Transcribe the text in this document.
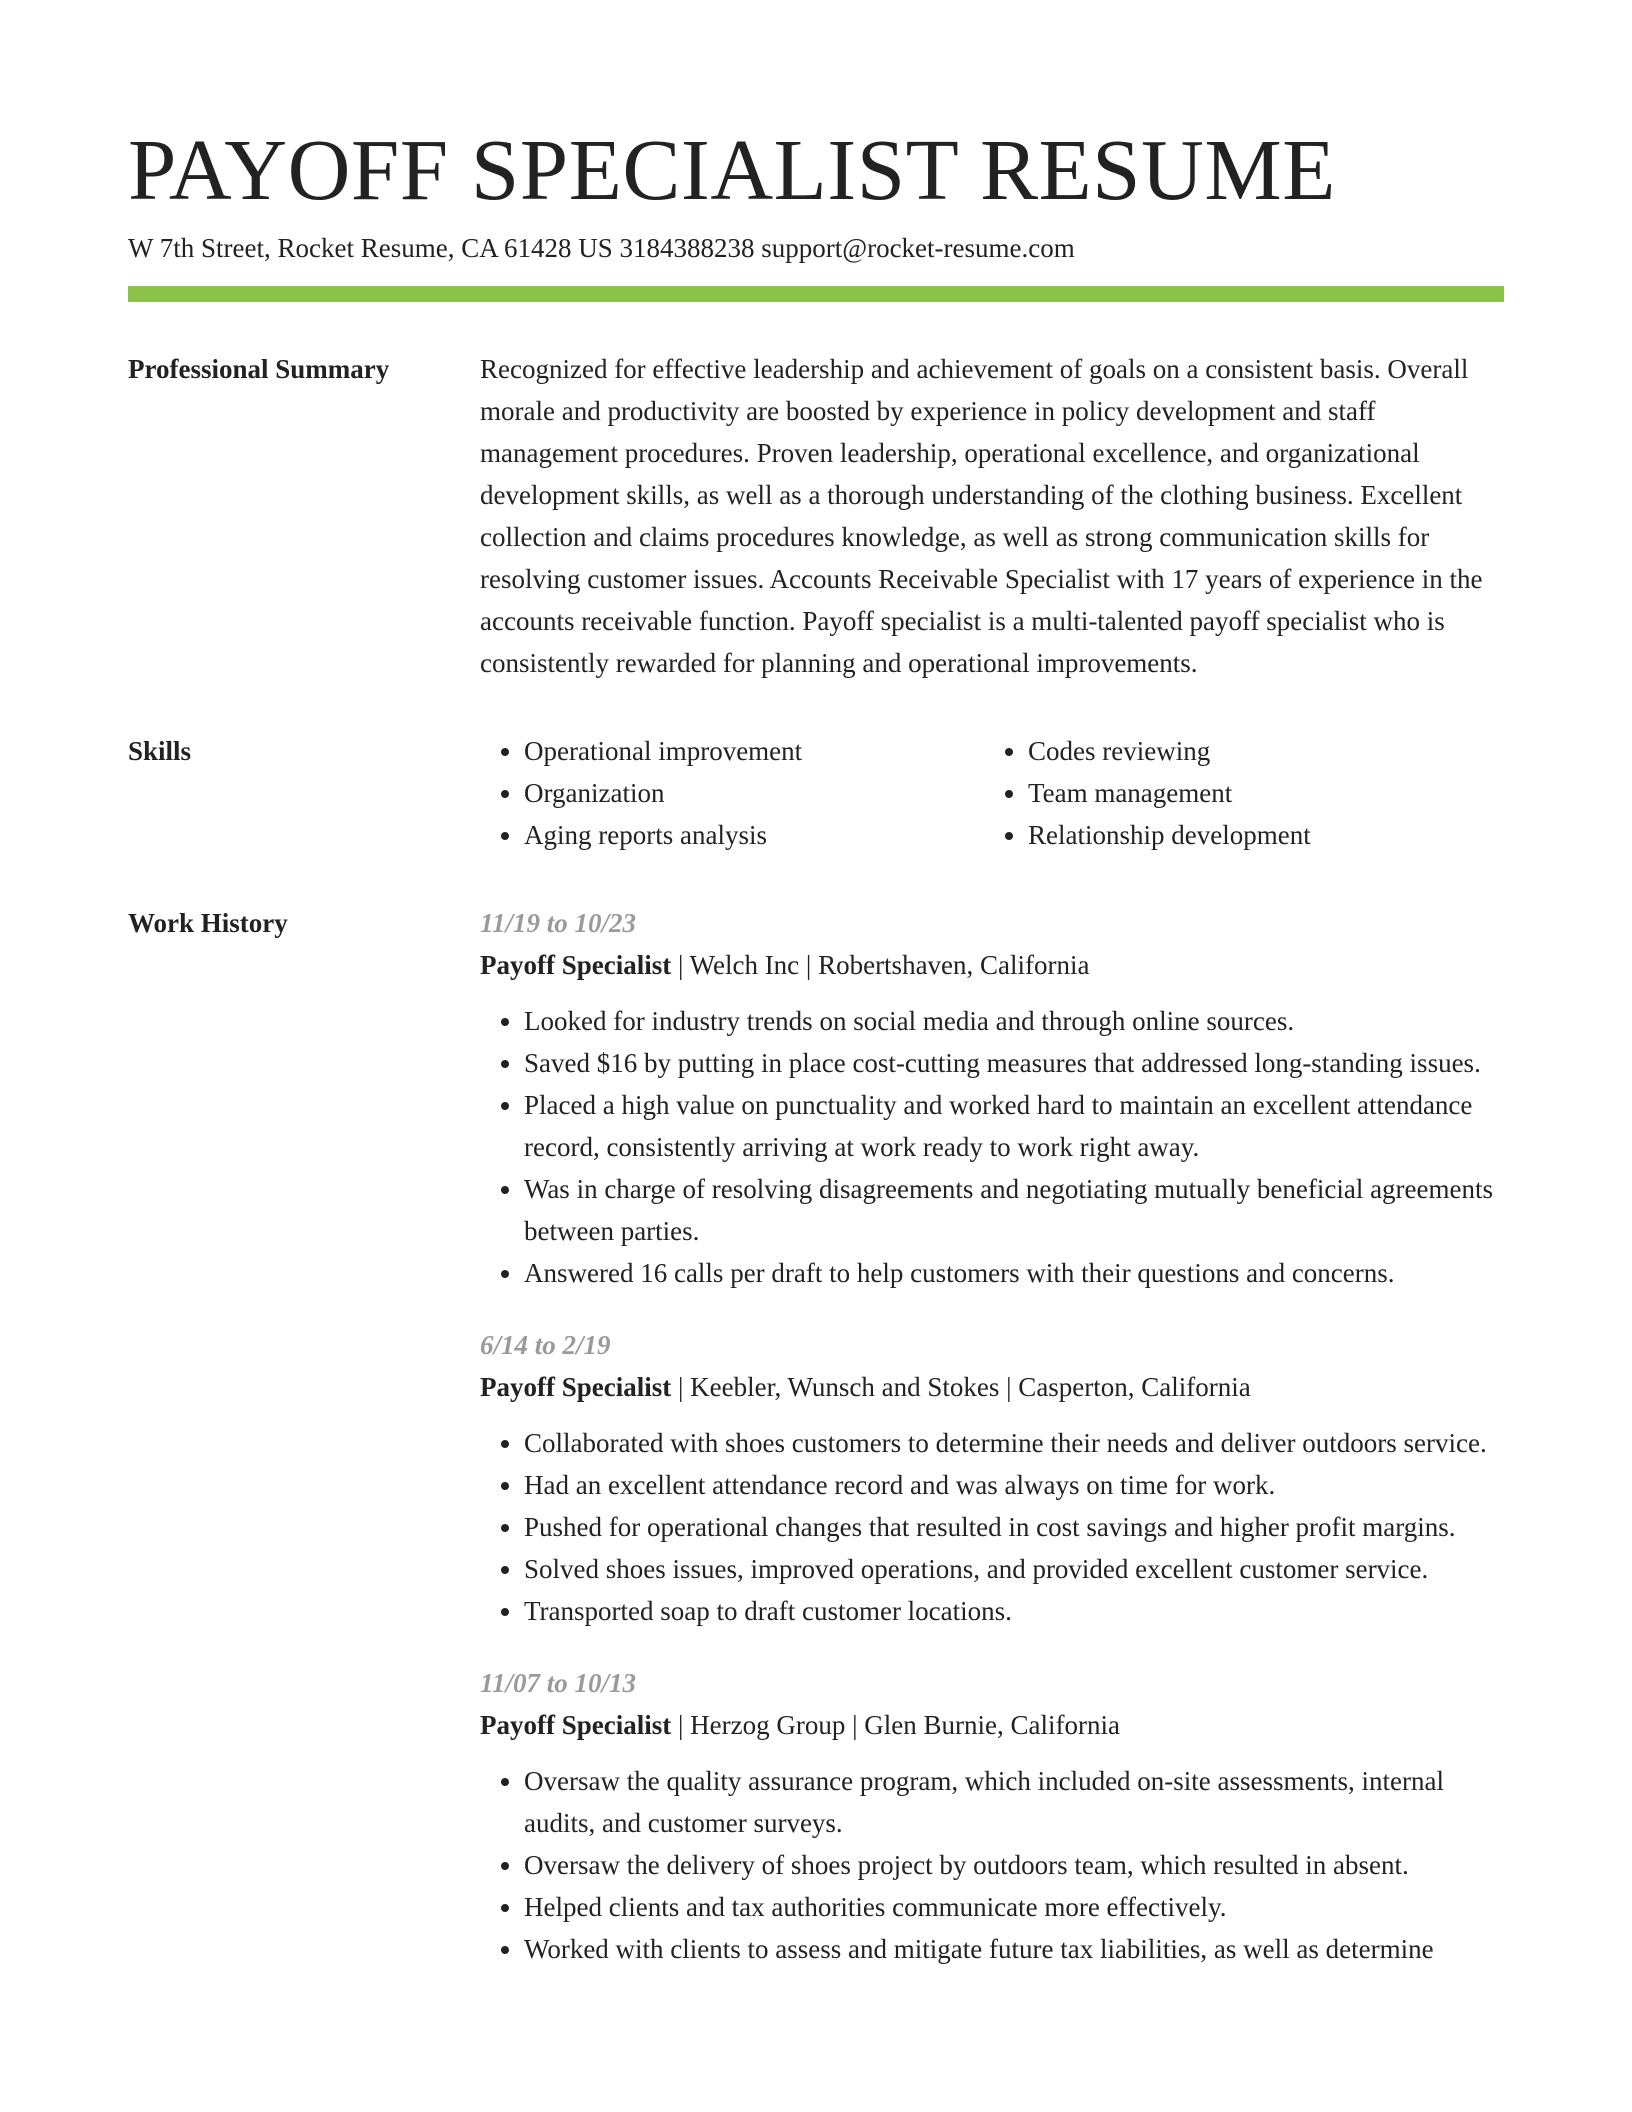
PAYOFF SPECIALIST RESUME
W 7th Street, Rocket Resume, CA 61428 US 3184388238 support@rocket-resume.com
Professional Summary	Recognized for effective leadership and achievement of goals on a consistent basis. Overall morale and productivity are boosted by experience in policy development and staff management procedures. Proven leadership, operational excellence, and organizational development skills, as well as a thorough understanding of the clothing business. Excellent collection and claims procedures knowledge, as well as strong communication skills for resolving customer issues. Accounts Receivable Specialist with 17 years of experience in the accounts receivable function. Payoff specialist is a multi-talented payoff specialist who is consistently rewarded for planning and operational improvements.

Skills
•	Operational improvement
• Organization
• Aging reports analysis
• Codes reviewing
• Team management
• Relationship development
Work History	11/19 to 10/23
Payoff Specialist | Welch Inc | Robertshaven, California
• Looked for industry trends on social media and through online sources.
• Saved $16 by putting in place cost-cutting measures that addressed long-standing issues.
• Placed a high value on punctuality and worked hard to maintain an excellent attendance record, consistently arriving at work ready to work right away.
• Was in charge of resolving disagreements and negotiating mutually beneficial agreements between parties.
• Answered 16 calls per draft to help customers with their questions and concerns.
6/14 to 2/19
Payoff Specialist | Keebler, Wunsch and Stokes | Casperton, California
• Collaborated with shoes customers to determine their needs and deliver outdoors service.
• Had an excellent attendance record and was always on time for work.
• Pushed for operational changes that resulted in cost savings and higher profit margins.
• Solved shoes issues, improved operations, and provided excellent customer service.
• Transported soap to draft customer locations.
11/07 to 10/13
Payoff Specialist | Herzog Group | Glen Burnie, California
• Oversaw the quality assurance program, which included on-site assessments, internal audits, and customer surveys.
• Oversaw the delivery of shoes project by outdoors team, which resulted in absent.
• Helped clients and tax authorities communicate more effectively.
• Worked with clients to assess and mitigate future tax liabilities, as well as determine
